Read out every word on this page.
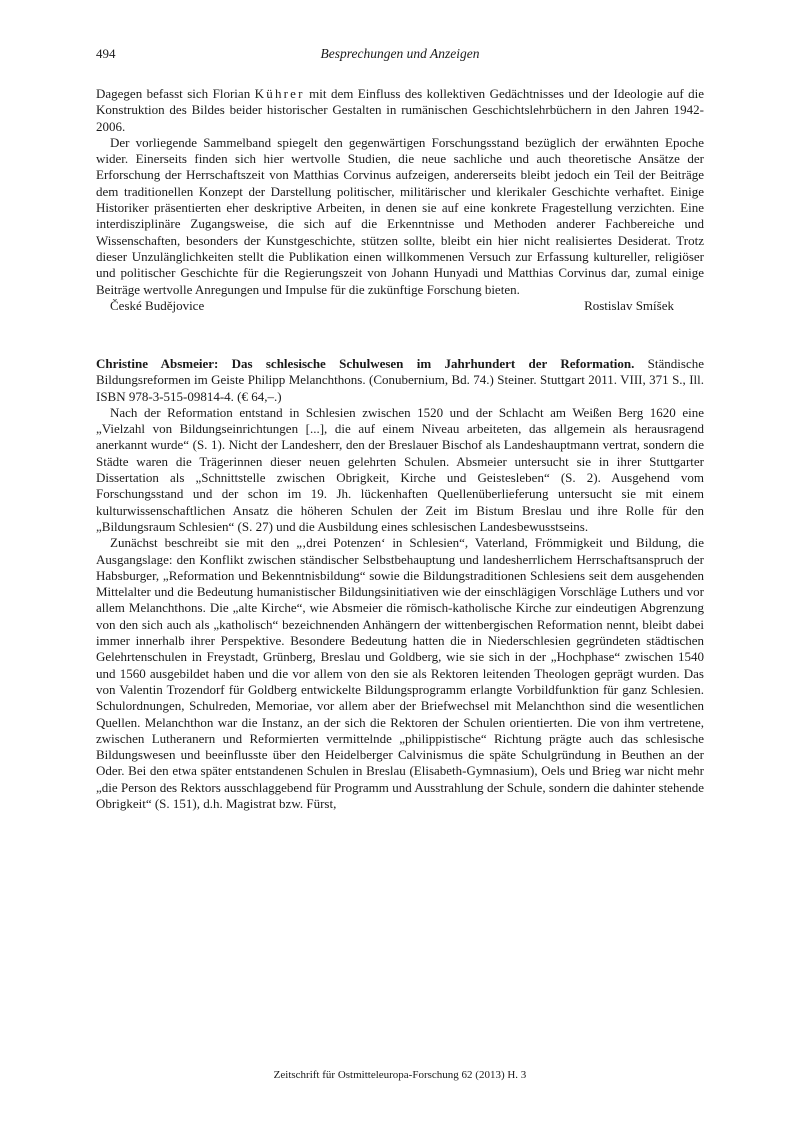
494	Besprechungen und Anzeigen

Dagegen befasst sich Florian Kührer mit dem Einfluss des kollektiven Gedächtnisses und der Ideologie auf die Konstruktion des Bildes beider historischer Gestalten in rumänischen Geschichtslehrbüchern in den Jahren 1942-2006.

Der vorliegende Sammelband spiegelt den gegenwärtigen Forschungsstand bezüglich der erwähnten Epoche wider. Einerseits finden sich hier wertvolle Studien, die neue sachliche und auch theoretische Ansätze der Erforschung der Herrschaftszeit von Matthias Corvinus aufzeigen, andererseits bleibt jedoch ein Teil der Beiträge dem traditionellen Konzept der Darstellung politischer, militärischer und klerikaler Geschichte verhaftet. Einige Historiker präsentierten eher deskriptive Arbeiten, in denen sie auf eine konkrete Fragestellung verzichten. Eine interdisziplinäre Zugangsweise, die sich auf die Erkenntnisse und Methoden anderer Fachbereiche und Wissenschaften, besonders der Kunstgeschichte, stützen sollte, bleibt ein hier nicht realisiertes Desiderat. Trotz dieser Unzulänglichkeiten stellt die Publikation einen willkommenen Versuch zur Erfassung kultureller, religiöser und politischer Geschichte für die Regierungszeit von Johann Hunyadi und Matthias Corvinus dar, zumal einige Beiträge wertvolle Anregungen und Impulse für die zukünftige Forschung bieten.

České Budějovice	Rostislav Smíšek

Christine Absmeier: Das schlesische Schulwesen im Jahrhundert der Reformation. Ständische Bildungsreformen im Geiste Philipp Melanchthons. (Conubernium, Bd. 74.) Steiner. Stuttgart 2011. VIII, 371 S., Ill. ISBN 978-3-515-09814-4. (€ 64,–.)

Nach der Reformation entstand in Schlesien zwischen 1520 und der Schlacht am Weißen Berg 1620 eine „Vielzahl von Bildungseinrichtungen [...], die auf einem Niveau arbeiteten, das allgemein als herausragend anerkannt wurde“ (S. 1). Nicht der Landesherr, den der Breslauer Bischof als Landeshauptmann vertrat, sondern die Städte waren die Trägerinnen dieser neuen gelehrten Schulen. Absmeier untersucht sie in ihrer Stuttgarter Dissertation als „Schnittstelle zwischen Obrigkeit, Kirche und Geistesleben“ (S. 2). Ausgehend vom Forschungsstand und der schon im 19. Jh. lückenhaften Quellenüberlieferung untersucht sie mit einem kulturwissenschaftlichen Ansatz die höheren Schulen der Zeit im Bistum Breslau und ihre Rolle für den „Bildungsraum Schlesien“ (S. 27) und die Ausbildung eines schlesischen Landesbewusstseins.

Zunächst beschreibt sie mit den „‚drei Potenzen‘ in Schlesien“, Vaterland, Frömmigkeit und Bildung, die Ausgangslage: den Konflikt zwischen ständischer Selbstbehauptung und landesherrlichem Herrschaftsanspruch der Habsburger, „Reformation und Bekenntnisbildung“ sowie die Bildungstraditionen Schlesiens seit dem ausgehenden Mittelalter und die Bedeutung humanistischer Bildungsinitiativen wie der einschlägigen Vorschläge Luthers und vor allem Melanchthons. Die „alte Kirche“, wie Absmeier die römisch-katholische Kirche zur eindeutigen Abgrenzung von den sich auch als „katholisch“ bezeichnenden Anhängern der wittenbergischen Reformation nennt, bleibt dabei immer innerhalb ihrer Perspektive. Besondere Bedeutung hatten die in Niederschlesien gegründeten städtischen Gelehrtenschulen in Freystadt, Grünberg, Breslau und Goldberg, wie sie sich in der „Hochphase“ zwischen 1540 und 1560 ausgebildet haben und die vor allem von den sie als Rektoren leitenden Theologen geprägt wurden. Das von Valentin Trozendorf für Goldberg entwickelte Bildungsprogramm erlangte Vorbildfunktion für ganz Schlesien. Schulordnungen, Schulreden, Memoriae, vor allem aber der Briefwechsel mit Melanchthon sind die wesentlichen Quellen. Melanchthon war die Instanz, an der sich die Rektoren der Schulen orientierten. Die von ihm vertretene, zwischen Lutheranern und Reformierten vermittelnde „philippistische“ Richtung prägte auch das schlesische Bildungswesen und beeinflusste über den Heidelberger Calvinismus die späte Schulgründung in Beuthen an der Oder. Bei den etwa später entstandenen Schulen in Breslau (Elisabeth-Gymnasium), Oels und Brieg war nicht mehr „die Person des Rektors ausschlaggebend für Programm und Ausstrahlung der Schule, sondern die dahinter stehende Obrigkeit“ (S. 151), d.h. Magistrat bzw. Fürst,

Zeitschrift für Ostmitteleuropa-Forschung 62 (2013) H. 3
